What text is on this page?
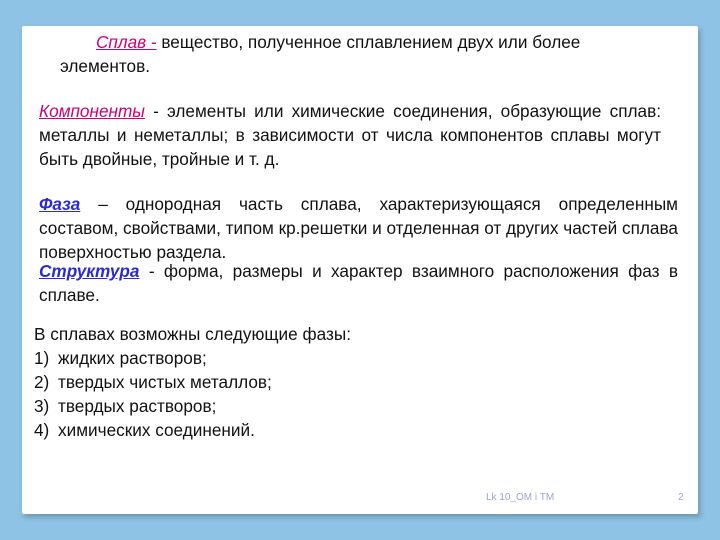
Сплав - вещество, полученное сплавлением двух или более элементов.
Компоненты - элементы или химические соединения, образующие сплав: металлы и неметаллы; в зависимости от числа компонентов сплавы могут быть двойные, тройные и т. д.
Фаза – однородная часть сплава, характеризующаяся определенным составом, свойствами, типом кр.решетки и отделенная от других частей сплава поверхностью раздела.
Структура - форма, размеры и характер взаимного расположения фаз в сплаве.
В сплавах возможны следующие фазы:
1) жидких растворов;
2) твердых чистых металлов;
3) твердых растворов;
4) химических соединений.
Lk 10_OM i TM	2
